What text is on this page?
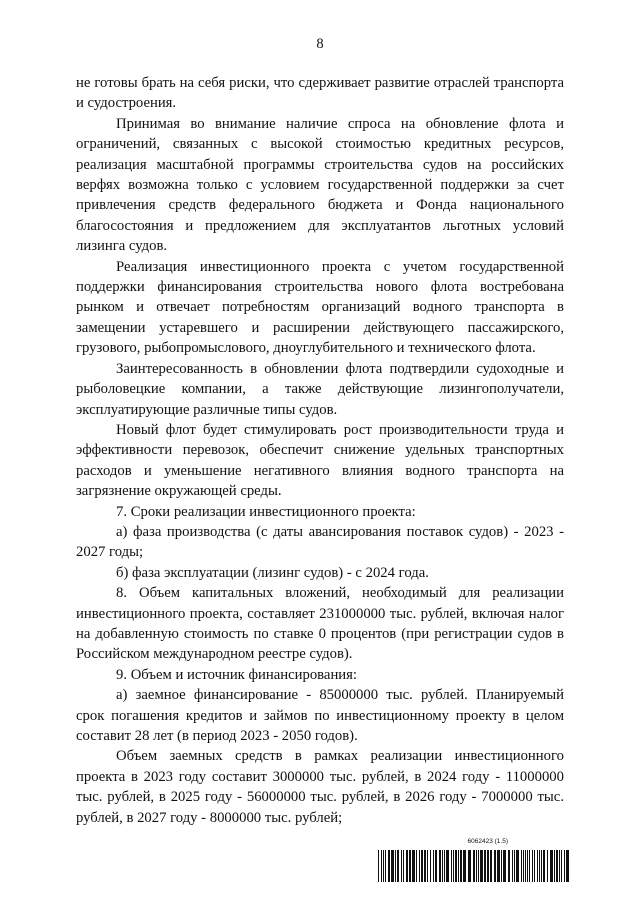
8

не готовы брать на себя риски, что сдерживает развитие отраслей транспорта и судостроения.

Принимая во внимание наличие спроса на обновление флота и ограничений, связанных с высокой стоимостью кредитных ресурсов, реализация масштабной программы строительства судов на российских верфях возможна только с условием государственной поддержки за счет привлечения средств федерального бюджета и Фонда национального благосостояния и предложением для эксплуатантов льготных условий лизинга судов.

Реализация инвестиционного проекта с учетом государственной поддержки финансирования строительства нового флота востребована рынком и отвечает потребностям организаций водного транспорта в замещении устаревшего и расширении действующего пассажирского, грузового, рыбопромыслового, дноуглубительного и технического флота.

Заинтересованность в обновлении флота подтвердили судоходные и рыболовецкие компании, а также действующие лизингополучатели, эксплуатирующие различные типы судов.

Новый флот будет стимулировать рост производительности труда и эффективности перевозок, обеспечит снижение удельных транспортных расходов и уменьшение негативного влияния водного транспорта на загрязнение окружающей среды.

7. Сроки реализации инвестиционного проекта:

а) фаза производства (с даты авансирования поставок судов) - 2023 - 2027 годы;

б) фаза эксплуатации (лизинг судов) - с 2024 года.

8. Объем капитальных вложений, необходимый для реализации инвестиционного проекта, составляет 231000000 тыс. рублей, включая налог на добавленную стоимость по ставке 0 процентов (при регистрации судов в Российском международном реестре судов).

9. Объем и источник финансирования:

а) заемное финансирование - 85000000 тыс. рублей. Планируемый срок погашения кредитов и займов по инвестиционному проекту в целом составит 28 лет (в период 2023 - 2050 годов).

Объем заемных средств в рамках реализации инвестиционного проекта в 2023 году составит 3000000 тыс. рублей, в 2024 году - 11000000 тыс. рублей, в 2025 году - 56000000 тыс. рублей, в 2026 году - 7000000 тыс. рублей, в 2027 году - 8000000 тыс. рублей;

6062423 (1.5)
